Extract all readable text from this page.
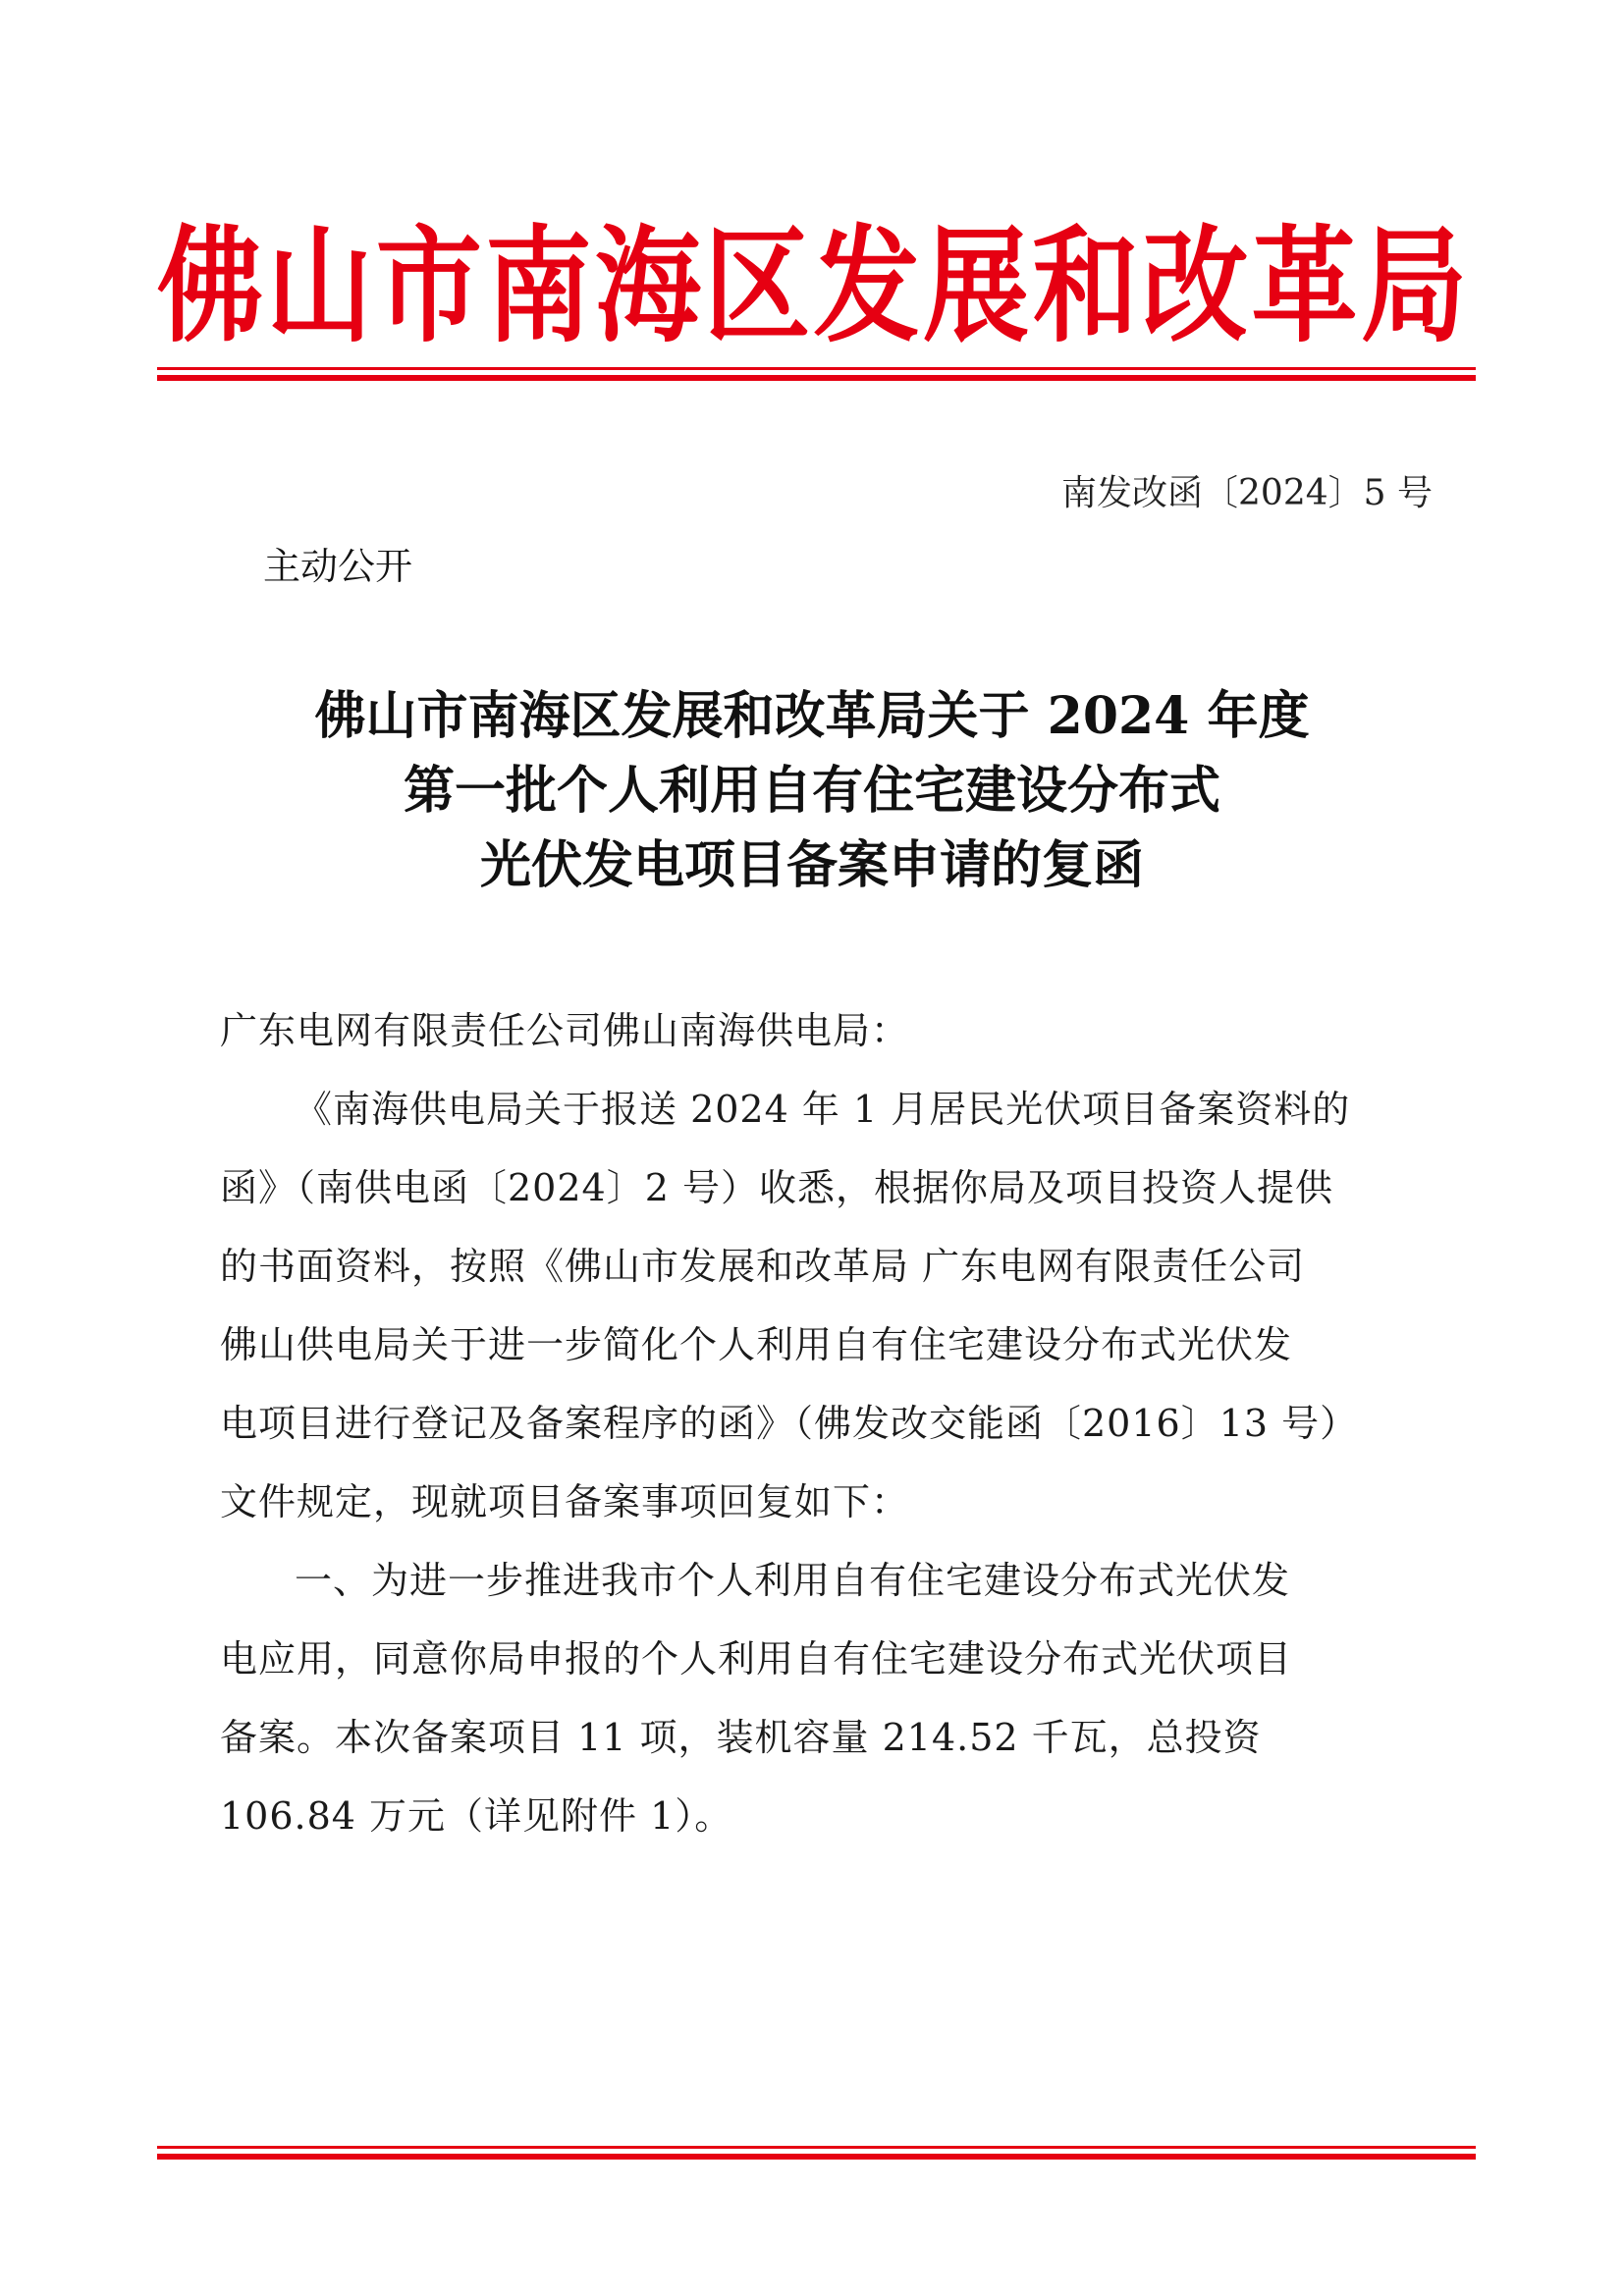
佛 山 市 南 海 区 发 展 和 改 革 局
南发改函〔2024〕5 号
主动公开
佛山市南海区发展和改革局关于 2024 年度
第一批个人利用自有住宅建设分布式
光伏发电项目备案申请的复函

广东电网有限责任公司佛山南海供电局：

《南海供电局关于报送 2024 年 1 月居民光伏项目备案资料的
函》（南供电函〔2024〕2 号）收悉，根据你局及项目投资人提供
的书面资料，按照《佛山市发展和改革局 广东电网有限责任公司
佛山供电局关于进一步简化个人利用自有住宅建设分布式光伏发
电项目进行登记及备案程序的函》（佛发改交能函〔2016〕13 号）
文件规定，现就项目备案事项回复如下：

一、为进一步推进我市个人利用自有住宅建设分布式光伏发
电应用，同意你局申报的个人利用自有住宅建设分布式光伏项目
备案。本次备案项目 11 项，装机容量 214.52 千瓦，总投资
106.84 万元（详见附件 1）。
